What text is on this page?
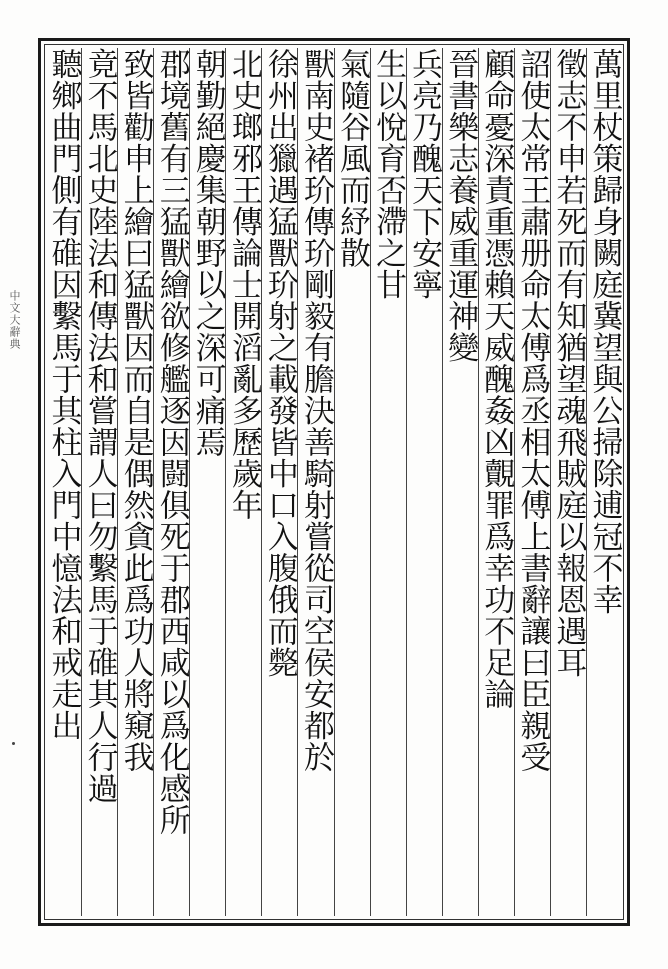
中文大辭典	萬里杖策歸身闕庭冀望與公掃除逋冠不幸
徵志不申若死而有知猶望魂飛賊庭以報恩遇耳
詔使太常王肅册命太傅爲丞相太傅上書辭讓曰臣親受
顧命憂深責重憑賴天威醜姦凶覿罪爲幸功不足論
晉書樂志養威重運神變
兵亮乃醜天下安寧
生以悅育否滯之甘
氣隨谷風而紓散
獸南史褚玠傳玠剛毅有膽決善騎射嘗從司空侯安都於
徐州出獵遇猛獸玠射之載發皆中口入腹俄而斃
北史瑯邪王傳論士開滔亂多歷歲年
朝勤絕慶集朝野以之深可痛焉
郡境舊有三猛獸繪欲修艦逐因闘俱死于郡西咸以爲化感所
致皆勸申上繪曰猛獸因而自是偶然貪此爲功人將窺我
竟不馬北史陸法和傳法和嘗謂人曰勿繫馬于碓其人行過
聽鄉曲門側有碓因繫馬于其柱入門中憶法和戒走出
